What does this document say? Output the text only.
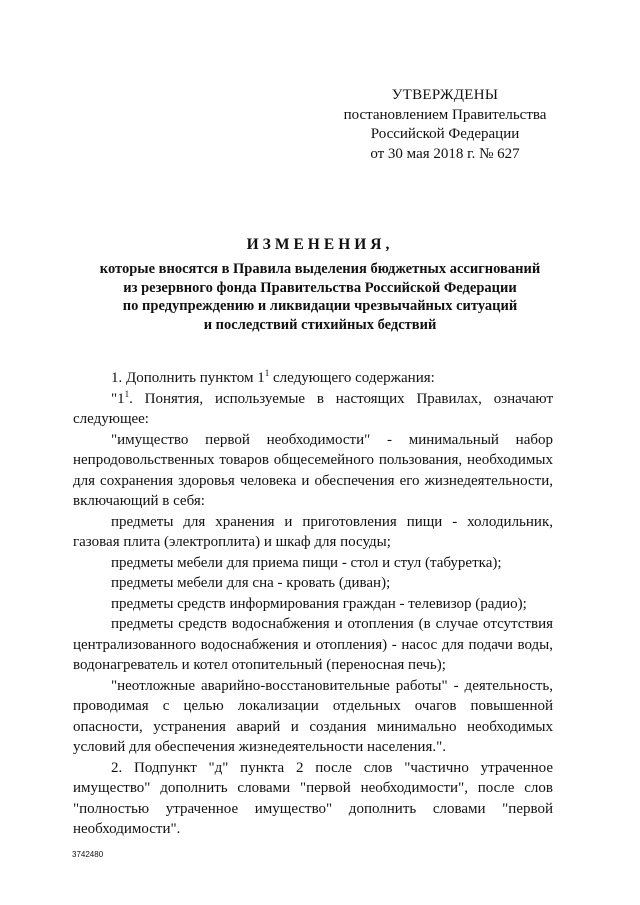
УТВЕРЖДЕНЫ
постановлением Правительства
Российской Федерации
от 30 мая 2018 г. № 627
ИЗМЕНЕНИЯ,
которые вносятся в Правила выделения бюджетных ассигнований
из резервного фонда Правительства Российской Федерации
по предупреждению и ликвидации чрезвычайных ситуаций
и последствий стихийных бедствий

1. Дополнить пунктом $1^1$ следующего содержания:

"$1^1$. Понятия, используемые в настоящих Правилах, означают следующее:

"имущество первой необходимости" - минимальный набор непродовольственных товаров общесемейного пользования, необходимых для сохранения здоровья человека и обеспечения его жизнедеятельности, включающий в себя:

предметы для хранения и приготовления пищи - холодильник, газовая плита (электроплита) и шкаф для посуды;

предметы мебели для приема пищи - стол и стул (табуретка);

предметы мебели для сна - кровать (диван);

предметы средств информирования граждан - телевизор (радио);

предметы средств водоснабжения и отопления (в случае отсутствия централизованного водоснабжения и отопления) - насос для подачи воды, водонагреватель и котел отопительный (переносная печь);

"неотложные аварийно-восстановительные работы" - деятельность, проводимая с целью локализации отдельных очагов повышенной опасности, устранения аварий и создания минимально необходимых условий для обеспечения жизнедеятельности населения.".

2. Подпункт "д" пункта 2 после слов "частично утраченное имущество" дополнить словами "первой необходимости", после слов "полностью утраченное имущество" дополнить словами "первой необходимости".

3742480
